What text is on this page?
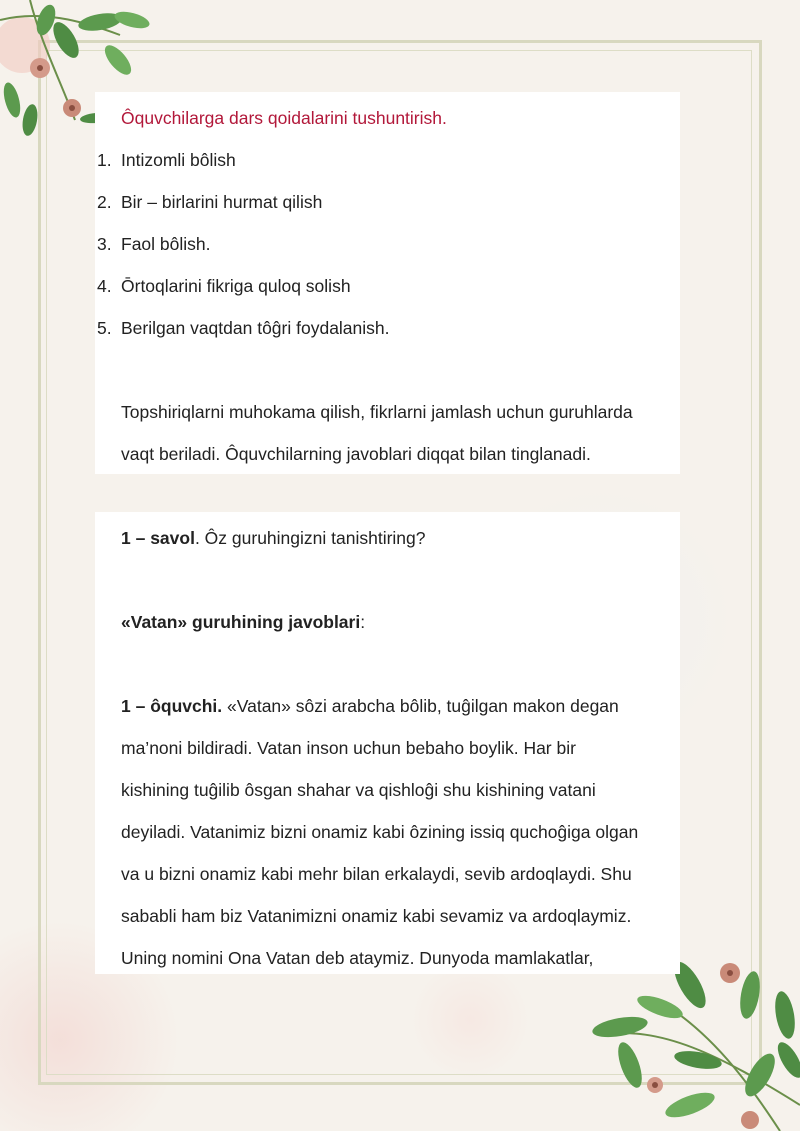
Ôquvchilarga dars qoidalarini tushuntirish.
1. Intizomli bôlish
2. Bir – birlarini hurmat qilish
3. Faol bôlish.
4. Ōrtoqlarini fikriga quloq solish
5. Berilgan vaqtdan tôĝri foydalanish.
Topshiriqlarni muhokama qilish, fikrlarni jamlash uchun guruhlarda
vaqt beriladi. Ôquvchilarning javoblari diqqat bilan tinglanadi.
1 – savol. Ôz guruhingizni tanishtiring?
«Vatan» guruhining javoblari:
1 – ôquvchi. «Vatan» sôzi arabcha bôlib, tuĝilgan makon degan
ma’noni bildiradi. Vatan inson uchun bebaho boylik. Har bir
kishining tuĝilib ôsgan shahar va qishloĝi shu kishining vatani
deyiladi. Vatanimiz bizni onamiz kabi ôzining issiq quchoĝiga olgan
va u bizni onamiz kabi mehr bilan erkalaydi, sevib ardoqlaydi. Shu
sababli ham biz Vatanimizni onamiz kabi sevamiz va ardoqlaymiz.
Uning nomini Ona Vatan deb ataymiz. Dunyoda mamlakatlar,
